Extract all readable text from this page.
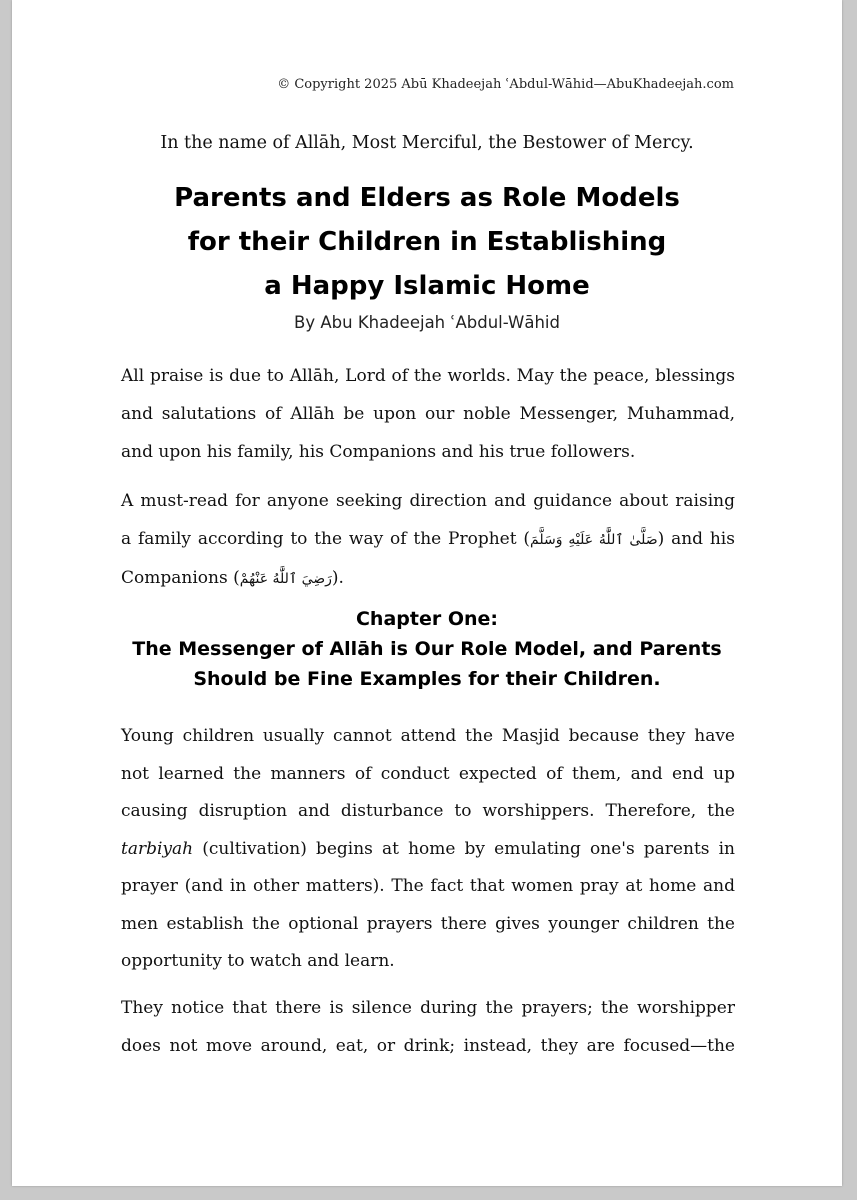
© Copyright 2025 Abū Khadeejah ʿAbdul-Wāhid—AbuKhadeejah.com
In the name of Allāh, Most Merciful, the Bestower of Mercy.
Parents and Elders as Role Models
for their Children in Establishing
a Happy Islamic Home
By Abu Khadeejah ʿAbdul-Wāhid
All praise is due to Allāh, Lord of the worlds. May the peace, blessings
and salutations of Allāh be upon our noble Messenger, Muhammad,
and upon his family, his Companions and his true followers.
A must-read for anyone seeking direction and guidance about raising
a family according to the way of the Prophet (صَلَّىٰ ٱللَّٰهُ عَلَيْهِ وَسَلَّمَ) and his
Companions (رَضِيَ ٱللَّٰهُ عَنْهُمْ).
Chapter One:
The Messenger of Allāh is Our Role Model, and Parents
Should be Fine Examples for their Children.
Young children usually cannot attend the Masjid because they have
not learned the manners of conduct expected of them, and end up
causing disruption and disturbance to worshippers. Therefore, the
tarbiyah (cultivation) begins at home by emulating one's parents in
prayer (and in other matters). The fact that women pray at home and
men establish the optional prayers there gives younger children the
opportunity to watch and learn.
They notice that there is silence during the prayers; the worshipper
does not move around, eat, or drink; instead, they are focused—the
